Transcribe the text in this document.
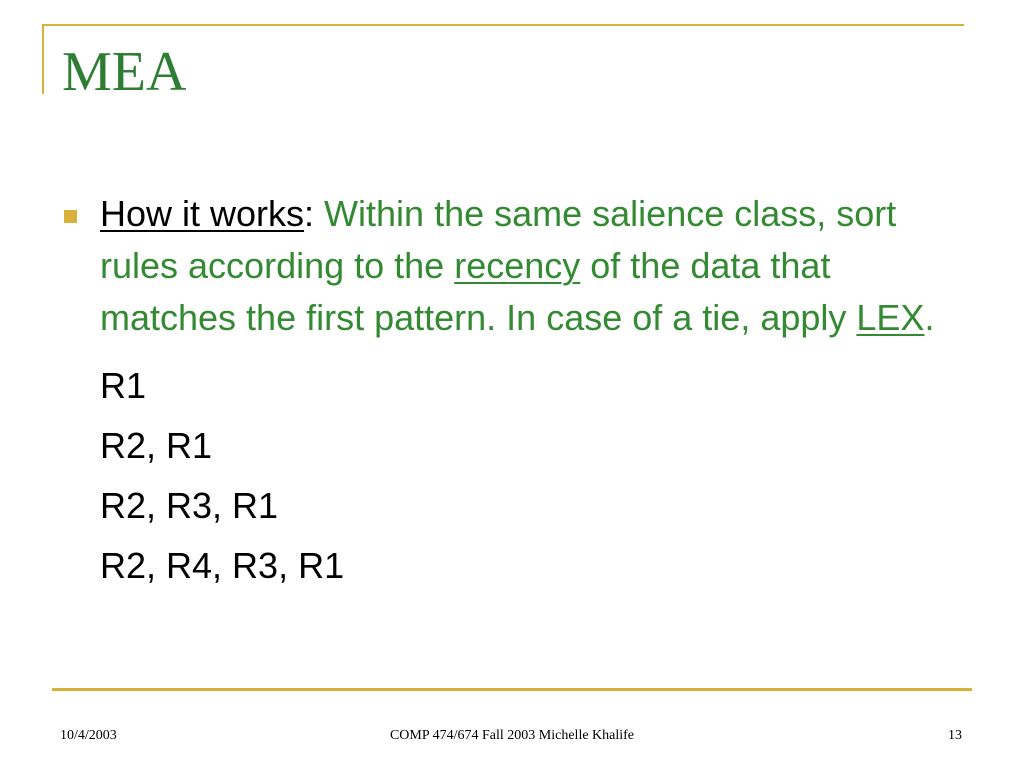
MEA

How it works: Within the same salience class, sort rules according to the recency of the data that matches the first pattern. In case of a tie, apply LEX.

R1

R2, R1

R2, R3, R1

R2, R4, R3, R1

10/4/2003	COMP 474/674 Fall 2003 Michelle Khalife	13
